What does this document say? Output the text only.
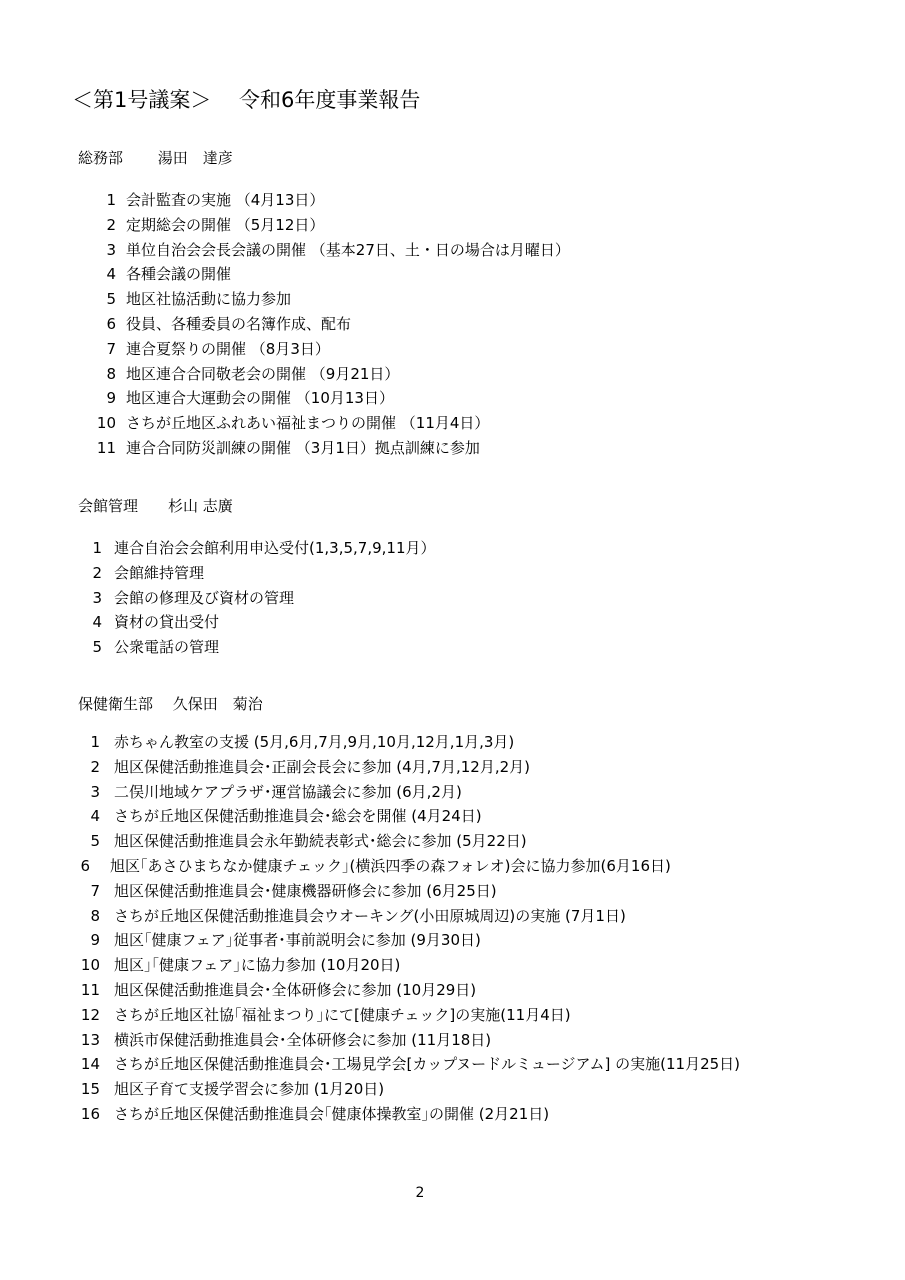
＜第1号議案＞　 令和6年度事業報告
総務部　　 湯田　達彦
1 会計監査の実施 （4月13日）
2 定期総会の開催 （5月12日）
3 単位自治会会長会議の開催 （基本27日、土・日の場合は月曜日）
4 各種会議の開催
5 地区社協活動に協力参加
6 役員、各種委員の名簿作成、配布
7 連合夏祭りの開催 （8月3日）
8 地区連合合同敬老会の開催 （9月21日）
9 地区連合大運動会の開催 （10月13日）
10 さちが丘地区ふれあい福祉まつりの開催 （11月4日）
11 連合合同防災訓練の開催 （3月1日）拠点訓練に参加
会館管理　　杉山 志廣
1 連合自治会会館利用申込受付(1,3,5,7,9,11月）
2 会館維持管理
3 会館の修理及び資材の管理
4 資材の貸出受付
5 公衆電話の管理
保健衛生部　 久保田　菊治
1 赤ちゃん教室の支援 (5月,6月,7月,9月,10月,12月,1月,3月)
2 旭区保健活動推進員会･正副会長会に参加 (4月,7月,12月,2月)
3 二俣川地域ケアプラザ･運営協議会に参加 (6月,2月)
4 さちが丘地区保健活動推進員会･総会を開催 (4月24日)
5 旭区保健活動推進員会永年勤続表彰式･総会に参加 (5月22日)
6 旭区｢あさひまちなか健康チェック｣(横浜四季の森フォレオ)会に協力参加(6月16日)
7 旭区保健活動推進員会･健康機器研修会に参加 (6月25日)
8 さちが丘地区保健活動推進員会ウオーキング(小田原城周辺)の実施 (7月1日)
9 旭区｢健康フェア｣従事者･事前説明会に参加 (9月30日)
10 旭区｣｢健康フェア｣に協力参加 (10月20日)
11 旭区保健活動推進員会･全体研修会に参加 (10月29日)
12 さちが丘地区社協｢福祉まつり｣にて[健康チェック]の実施(11月4日)
13 横浜市保健活動推進員会･全体研修会に参加 (11月18日)
14 さちが丘地区保健活動推進員会･工場見学会[カップヌードルミュージアム] の実施(11月25日)
15 旭区子育て支援学習会に参加 (1月20日)
16 さちが丘地区保健活動推進員会｢健康体操教室｣の開催 (2月21日)
2
